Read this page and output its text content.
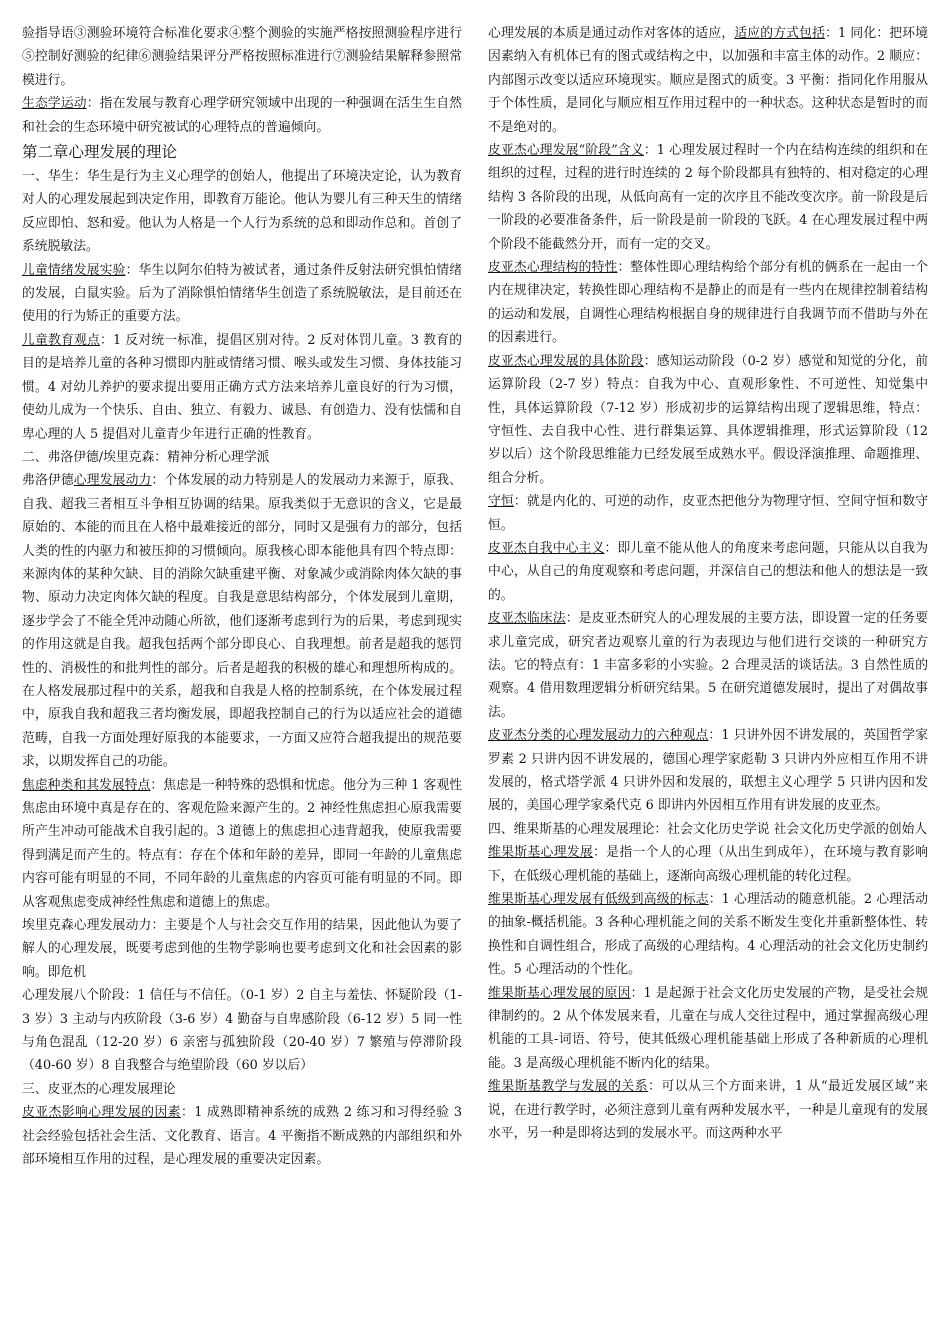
验指导语③测验环境符合标准化要求④整个测验的实施严格按照测验程序进行⑤控制好测验的纪律⑥测验结果评分严格按照标准进行⑦测验结果解释参照常模进行。

生态学运动：指在发展与教育心理学研究领域中出现的一种强调在活生生自然和社会的生态环境中研究被试的心理特点的普遍倾向。

第二章心理发展的理论

一、华生：华生是行为主义心理学的创始人，他提出了环境决定论，认为教育对人的心理发展起到决定作用，即教育万能论。他认为婴儿有三种天生的情绪反应即怕、怒和爱。他认为人格是一个人行为系统的总和即动作总和。首创了系统脱敏法。

儿童情绪发展实验：华生以阿尔伯特为被试者，通过条件反射法研究惧怕情绪的发展，白鼠实验。后为了消除惧怕情绪华生创造了系统脱敏法，是目前还在使用的行为矫正的重要方法。

儿童教育观点：1 反对统一标准，提倡区别对待。2 反对体罚儿童。3 教育的目的是培养儿童的各种习惯即内脏或情绪习惯、喉头或发生习惯、身体技能习惯。4 对幼儿养护的要求提出要用正确方式方法来培养儿童良好的行为习惯，使幼儿成为一个快乐、自由、独立、有毅力、诚恳、有创造力、没有怯懦和自卑心理的人 5 提倡对儿童青少年进行正确的性教育。

二、弗洛伊德/埃里克森：精神分析心理学派

弗洛伊德心理发展动力：个体发展的动力特别是人的发展动力来源于，原我、自我、超我三者相互斗争相互协调的结果。原我类似于无意识的含义，它是最原始的、本能的而且在人格中最难接近的部分，同时又是强有力的部分，包括人类的性的内驱力和被压抑的习惯倾向。原我核心即本能他具有四个特点即：来源肉体的某种欠缺、目的消除欠缺重建平衡、对象减少或消除肉体欠缺的事物、原动力决定肉体欠缺的程度。自我是意思结构部分，个体发展到儿童期，逐步学会了不能全凭冲动随心所欲，他们逐渐考虑到行为的后果，考虑到现实的作用这就是自我。超我包括两个部分即良心、自我理想。前者是超我的惩罚性的、消极性的和批判性的部分。后者是超我的积极的雄心和理想所构成的。在人格发展那过程中的关系，超我和自我是人格的控制系统，在个体发展过程中，原我自我和超我三者均衡发展，即超我控制自己的行为以适应社会的道德范畴，自我一方面处理好原我的本能要求，一方面又应符合超我提出的规范要求，以期发挥自己的功能。

焦虑种类和其发展特点：焦虑是一种特殊的恐惧和忧虑。他分为三种 1 客观性焦虑由环境中真是存在的、客观危险来源产生的。2 神经性焦虑担心原我需要所产生冲动可能战术自我引起的。3 道德上的焦虑担心违背超我，使原我需要得到满足而产生的。特点有：存在个体和年龄的差异，即同一年龄的儿童焦虑内容可能有明显的不同，不同年龄的儿童焦虑的内容页可能有明显的不同。即从客观焦虑变成神经性焦虑和道德上的焦虑。

埃里克森心理发展动力：主要是个人与社会交互作用的结果，因此他认为要了解人的心理发展，既要考虑到他的生物学影响也要考虑到文化和社会因素的影响。即危机

心理发展八个阶段：1 信任与不信任。（0-1 岁）2 自主与羞怯、怀疑阶段（1-3 岁）3 主动与内疚阶段（3-6 岁）4 勤奋与自卑感阶段（6-12 岁）5 同一性与角色混乱（12-20 岁）6 亲密与孤独阶段（20-40 岁）7 繁殖与停滞阶段（40-60 岁）8 自我整合与绝望阶段（60 岁以后）

三、皮亚杰的心理发展理论

皮亚杰影响心理发展的因素：1 成熟即精神系统的成熟 2 练习和习得经验 3 社会经验包括社会生活、文化教育、语言。4 平衡指不断成熟的内部组织和外部环境相互作用的过程，是心理发展的重要决定因素。

心理发展的本质是通过动作对客体的适应，适应的方式包括：1 同化：把环境因素纳入有机体已有的图式或结构之中，以加强和丰富主体的动作。2 顺应：内部图示改变以适应环境现实。顺应是图式的质变。3 平衡：指同化作用服从于个体性质，是同化与顺应相互作用过程中的一种状态。这种状态是暂时的而不是绝对的。

皮亚杰心理发展“阶段”含义：1 心理发展过程时一个内在结构连续的组织和在组织的过程，过程的进行时连续的 2 每个阶段都具有独特的、相对稳定的心理结构 3 各阶段的出现，从低向高有一定的次序且不能改变次序。前一阶段是后一阶段的必要准备条件，后一阶段是前一阶段的飞跃。4 在心理发展过程中两个阶段不能截然分开，而有一定的交叉。

皮亚杰心理结构的特性：整体性即心理结构给个部分有机的俩系在一起由一个内在规律决定，转换性即心理结构不是静止的而是有一些内在规律控制着结构的运动和发展，自调性心理结构根据自身的规律进行自我调节而不借助与外在的因素进行。

皮亚杰心理发展的具体阶段：感知运动阶段（0-2 岁）感觉和知觉的分化，前运算阶段（2-7 岁）特点：自我为中心、直观形象性、不可逆性、知觉集中性，具体运算阶段（7-12 岁）形成初步的运算结构出现了逻辑思维，特点：守恒性、去自我中心性、进行群集运算、具体逻辑推理，形式运算阶段（12 岁以后）这个阶段思维能力已经发展至成熟水平。假设泽演推理、命题推理、组合分析。

守恒：就是内化的、可逆的动作，皮亚杰把他分为物理守恒、空间守恒和数守恒。

皮亚杰自我中心主义：即儿童不能从他人的角度来考虑问题，只能从以自我为中心，从自己的角度观察和考虑问题，并深信自己的想法和他人的想法是一致的。

皮亚杰临床法：是皮亚杰研究人的心理发展的主要方法，即设置一定的任务要求儿童完成，研究者边观察儿童的行为表现边与他们进行交谈的一种研究方法。它的特点有：1 丰富多彩的小实验。2 合理灵活的谈话法。3 自然性质的观察。4 借用数理逻辑分析研究结果。5 在研究道德发展时，提出了对偶故事法。

皮亚杰分类的心理发展动力的六种观点：1 只讲外因不讲发展的，英国哲学家罗素 2 只讲内因不讲发展的，德国心理学家彪勒 3 只讲内外应相互作用不讲发展的，格式塔学派 4 只讲外因和发展的，联想主义心理学 5 只讲内因和发展的，美国心理学家桑代克 6 即讲内外因相互作用有讲发展的皮亚杰。

四、维果斯基的心理发展理论：社会文化历史学说 社会文化历史学派的创始人

维果斯基心理发展：是指一个人的心理（从出生到成年），在环境与教育影响下，在低级心理机能的基础上，逐渐向高级心理机能的转化过程。

维果斯基心理发展有低级到高级的标志：1 心理活动的随意机能。2 心理活动的抽象-概括机能。3 各种心理机能之间的关系不断发生变化并重新整体性、转换性和自调性组合，形成了高级的心理结构。4 心理活动的社会文化历史制约性。5 心理活动的个性化。

维果斯基心理发展的原因：1 是起源于社会文化历史发展的产物，是受社会规律制约的。2 从个体发展来看，儿童在与成人交往过程中，通过掌握高级心理机能的工具-词语、符号，使其低级心理机能基础上形成了各种新质的心理机能。3 是高级心理机能不断内化的结果。

维果斯基教学与发展的关系：可以从三个方面来讲，1 从“最近发展区域”来说，在进行教学时，必须注意到儿童有两种发展水平，一种是儿童现有的发展水平，另一种是即将达到的发展水平。而这两种水平
